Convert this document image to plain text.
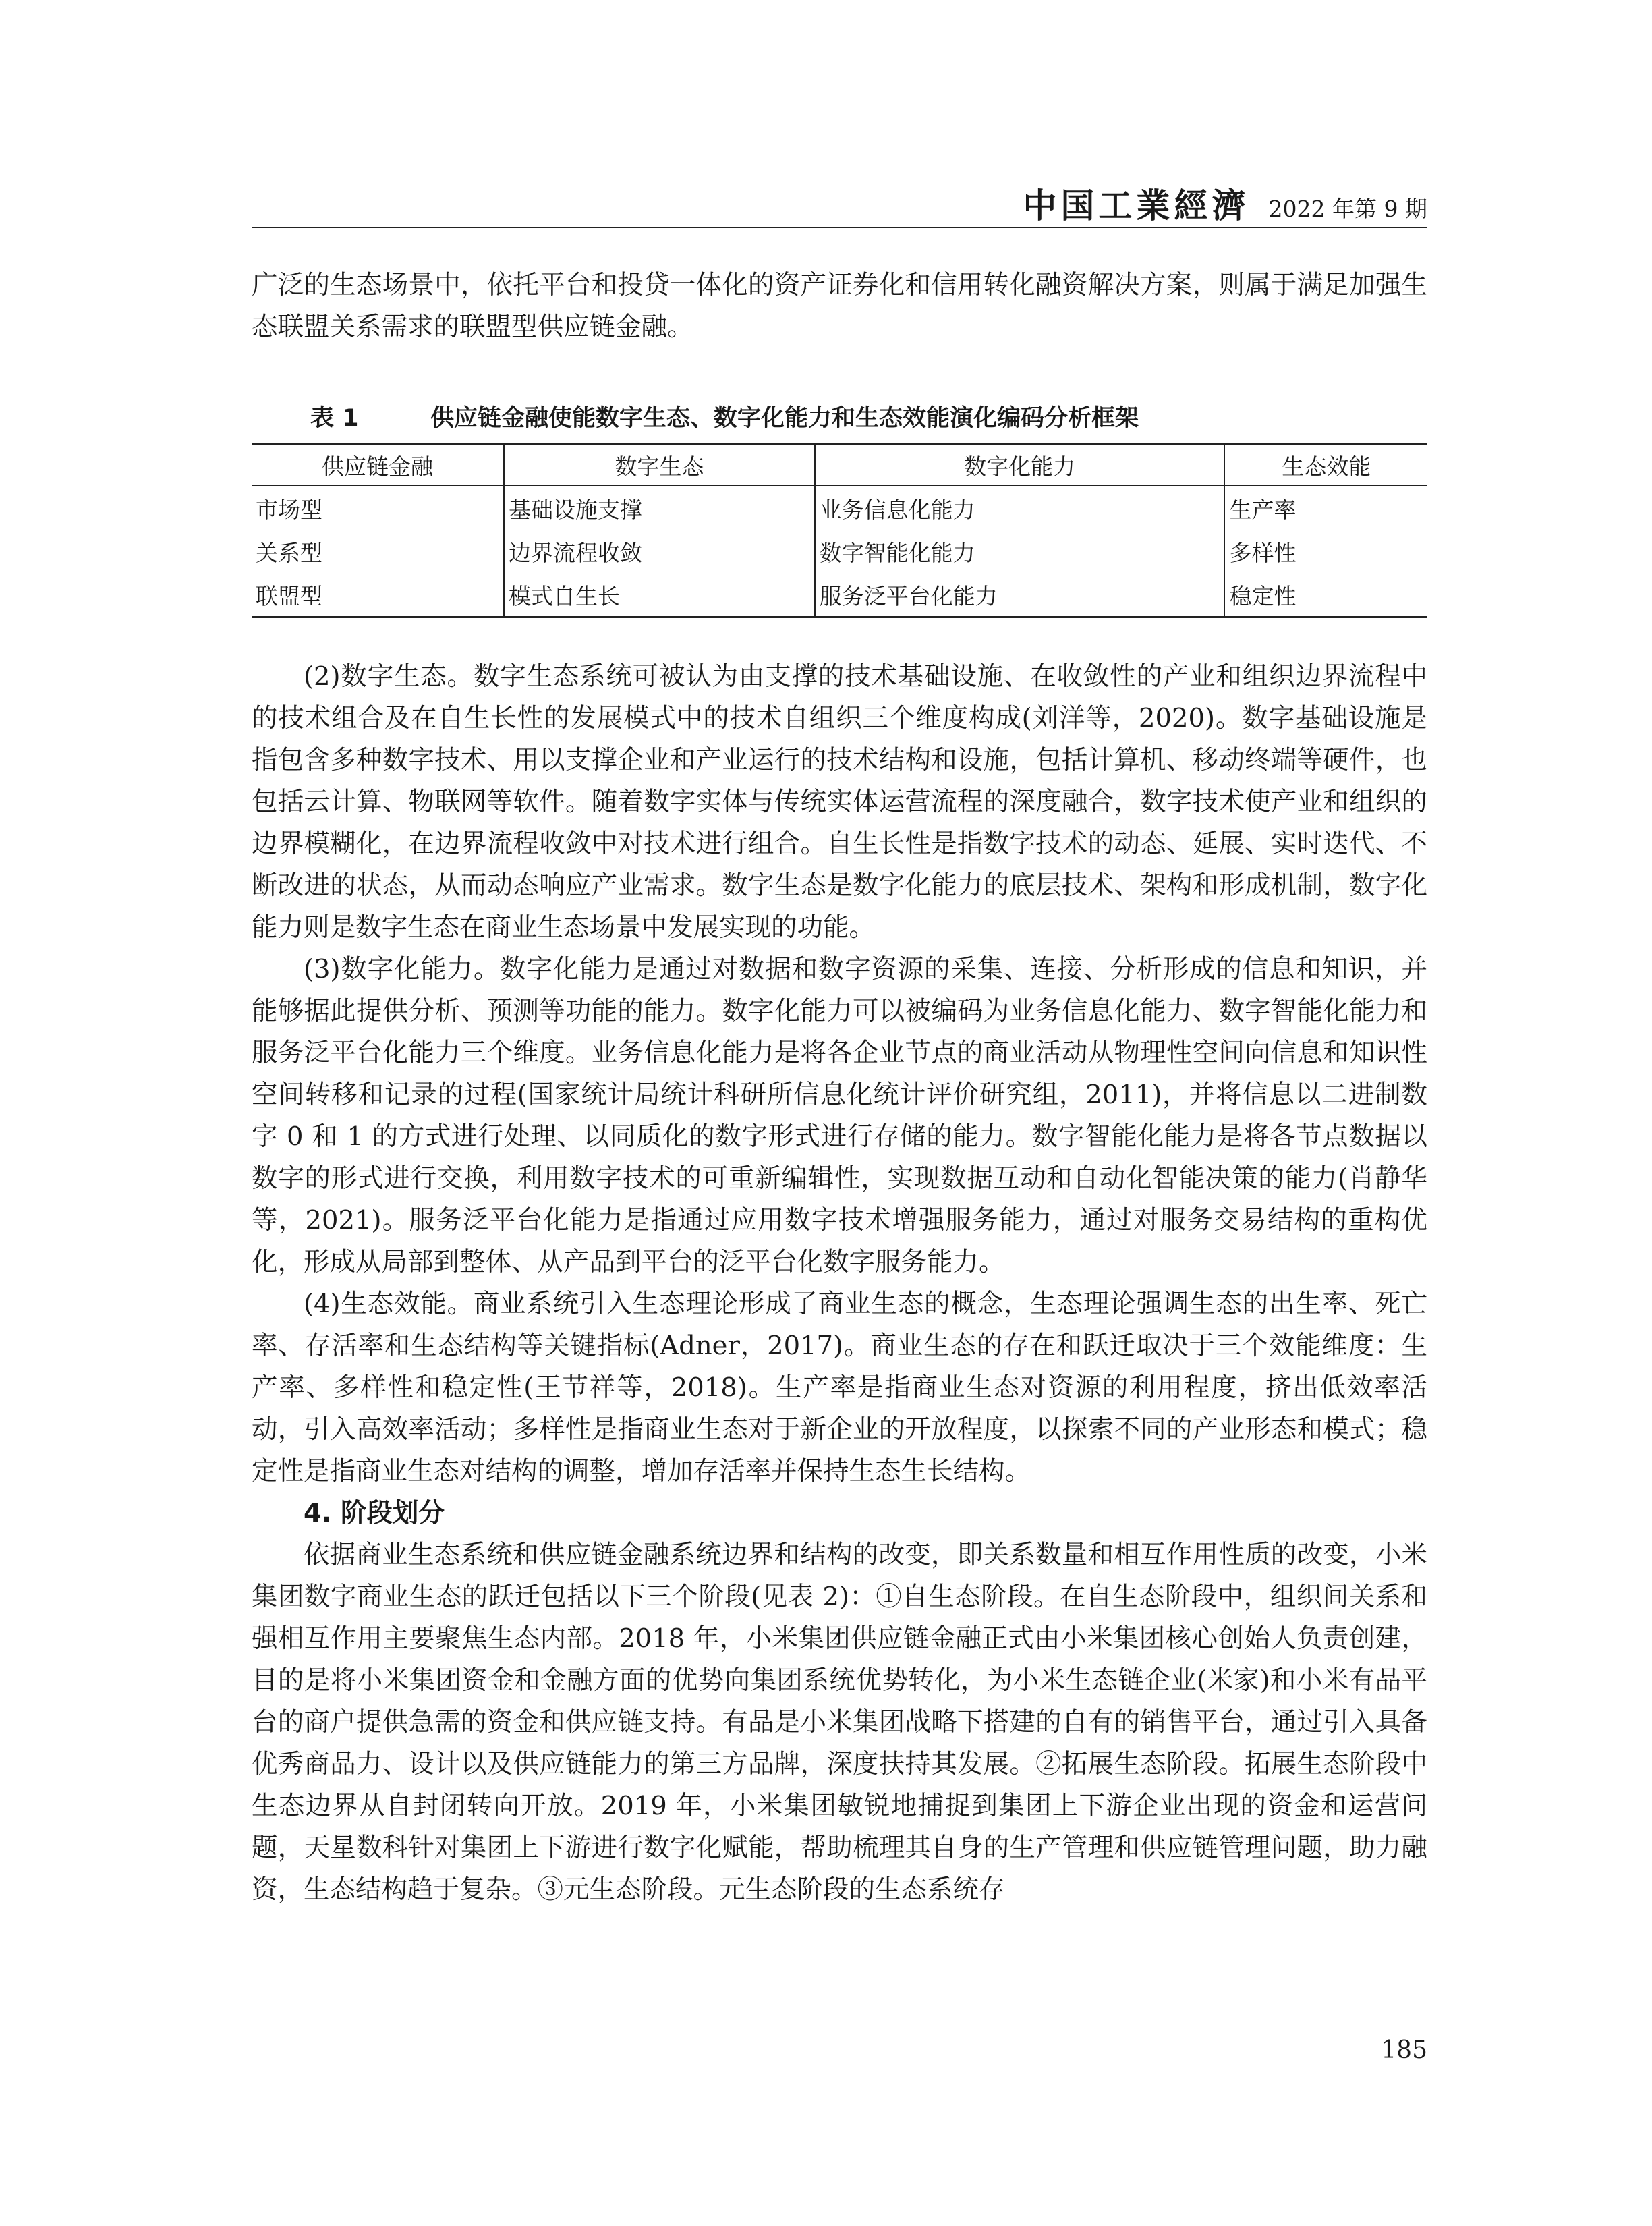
中国工業經濟 2022 年第 9 期

广泛的生态场景中，依托平台和投贷一体化的资产证券化和信用转化融资解决方案，则属于满足加强生态联盟关系需求的联盟型供应链金融。

表 1	供应链金融使能数字生态、数字化能力和生态效能演化编码分析框架
供应链金融	数字生态	数字化能力	生态效能
市场型	基础设施支撑	业务信息化能力	生产率
关系型	边界流程收敛	数字智能化能力	多样性
联盟型	模式自生长	服务泛平台化能力	稳定性

(2)数字生态。数字生态系统可被认为由支撑的技术基础设施、在收敛性的产业和组织边界流程中的技术组合及在自生长性的发展模式中的技术自组织三个维度构成(刘洋等，2020)。数字基础设施是指包含多种数字技术、用以支撑企业和产业运行的技术结构和设施，包括计算机、移动终端等硬件，也包括云计算、物联网等软件。随着数字实体与传统实体运营流程的深度融合，数字技术使产业和组织的边界模糊化，在边界流程收敛中对技术进行组合。自生长性是指数字技术的动态、延展、实时迭代、不断改进的状态，从而动态响应产业需求。数字生态是数字化能力的底层技术、架构和形成机制，数字化能力则是数字生态在商业生态场景中发展实现的功能。

(3)数字化能力。数字化能力是通过对数据和数字资源的采集、连接、分析形成的信息和知识，并能够据此提供分析、预测等功能的能力。数字化能力可以被编码为业务信息化能力、数字智能化能力和服务泛平台化能力三个维度。业务信息化能力是将各企业节点的商业活动从物理性空间向信息和知识性空间转移和记录的过程(国家统计局统计科研所信息化统计评价研究组，2011)，并将信息以二进制数字 0 和 1 的方式进行处理、以同质化的数字形式进行存储的能力。数字智能化能力是将各节点数据以数字的形式进行交换，利用数字技术的可重新编辑性，实现数据互动和自动化智能决策的能力(肖静华等，2021)。服务泛平台化能力是指通过应用数字技术增强服务能力，通过对服务交易结构的重构优化，形成从局部到整体、从产品到平台的泛平台化数字服务能力。

(4)生态效能。商业系统引入生态理论形成了商业生态的概念，生态理论强调生态的出生率、死亡率、存活率和生态结构等关键指标(Adner，2017)。商业生态的存在和跃迁取决于三个效能维度：生产率、多样性和稳定性(王节祥等，2018)。生产率是指商业生态对资源的利用程度，挤出低效率活动，引入高效率活动；多样性是指商业生态对于新企业的开放程度，以探索不同的产业形态和模式；稳定性是指商业生态对结构的调整，增加存活率并保持生态生长结构。

4. 阶段划分

依据商业生态系统和供应链金融系统边界和结构的改变，即关系数量和相互作用性质的改变，小米集团数字商业生态的跃迁包括以下三个阶段(见表 2)：①自生态阶段。在自生态阶段中，组织间关系和强相互作用主要聚焦生态内部。2018 年，小米集团供应链金融正式由小米集团核心创始人负责创建，目的是将小米集团资金和金融方面的优势向集团系统优势转化，为小米生态链企业(米家)和小米有品平台的商户提供急需的资金和供应链支持。有品是小米集团战略下搭建的自有的销售平台，通过引入具备优秀商品力、设计以及供应链能力的第三方品牌，深度扶持其发展。②拓展生态阶段。拓展生态阶段中生态边界从自封闭转向开放。2019 年，小米集团敏锐地捕捉到集团上下游企业出现的资金和运营问题，天星数科针对集团上下游进行数字化赋能，帮助梳理其自身的生产管理和供应链管理问题，助力融资，生态结构趋于复杂。③元生态阶段。元生态阶段的生态系统存

185
